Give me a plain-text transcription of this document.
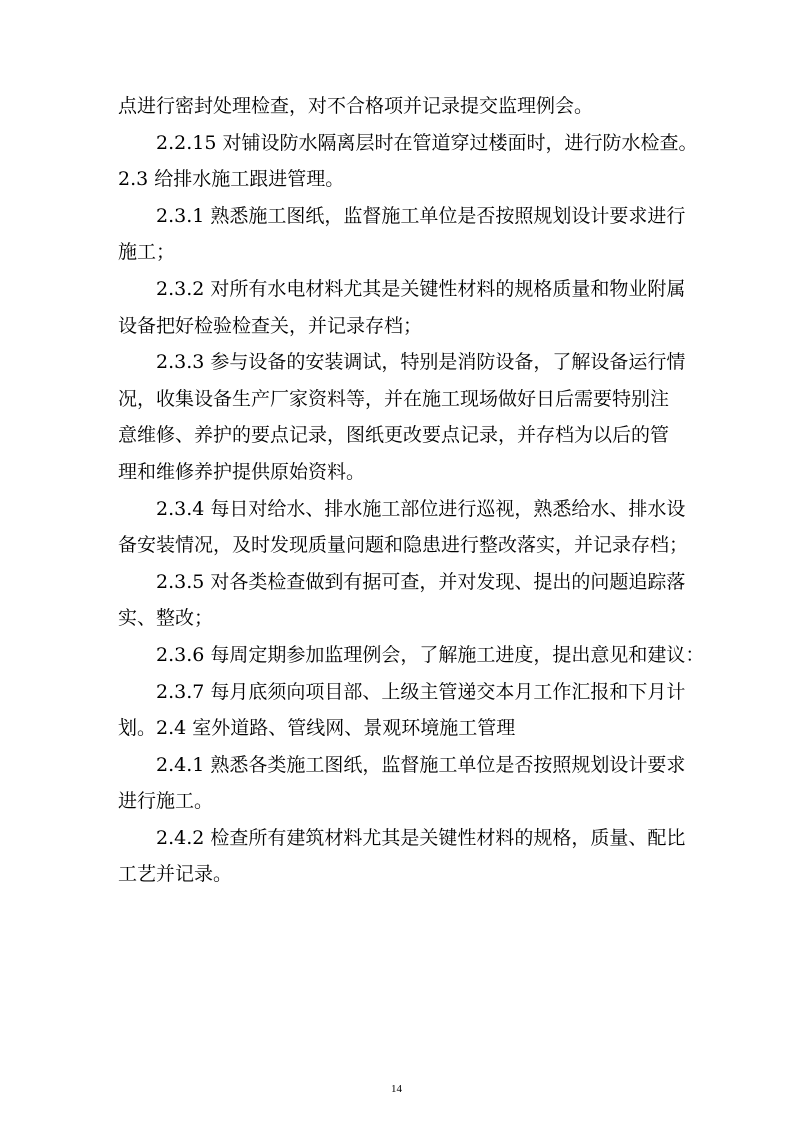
点进行密封处理检查，对不合格项并记录提交监理例会。
2.2.15 对铺设防水隔离层时在管道穿过楼面时，进行防水检查。
2.3 给排水施工跟进管理。
2.3.1 熟悉施工图纸，监督施工单位是否按照规划设计要求进行
施工；
2.3.2 对所有水电材料尤其是关键性材料的规格质量和物业附属
设备把好检验检查关，并记录存档；
2.3.3 参与设备的安装调试，特别是消防设备，了解设备运行情
况，收集设备生产厂家资料等，并在施工现场做好日后需要特别注
意维修、养护的要点记录，图纸更改要点记录，并存档为以后的管
理和维修养护提供原始资料。
2.3.4 每日对给水、排水施工部位进行巡视，熟悉给水、排水设
备安装情况，及时发现质量问题和隐患进行整改落实，并记录存档；
2.3.5 对各类检查做到有据可查，并对发现、提出的问题追踪落
实、整改；
2.3.6 每周定期参加监理例会，了解施工进度，提出意见和建议：
2.3.7 每月底须向项目部、上级主管递交本月工作汇报和下月计
划。2.4 室外道路、管线网、景观环境施工管理
2.4.1 熟悉各类施工图纸，监督施工单位是否按照规划设计要求
进行施工。
2.4.2 检查所有建筑材料尤其是关键性材料的规格，质量、配比
工艺并记录。
14
